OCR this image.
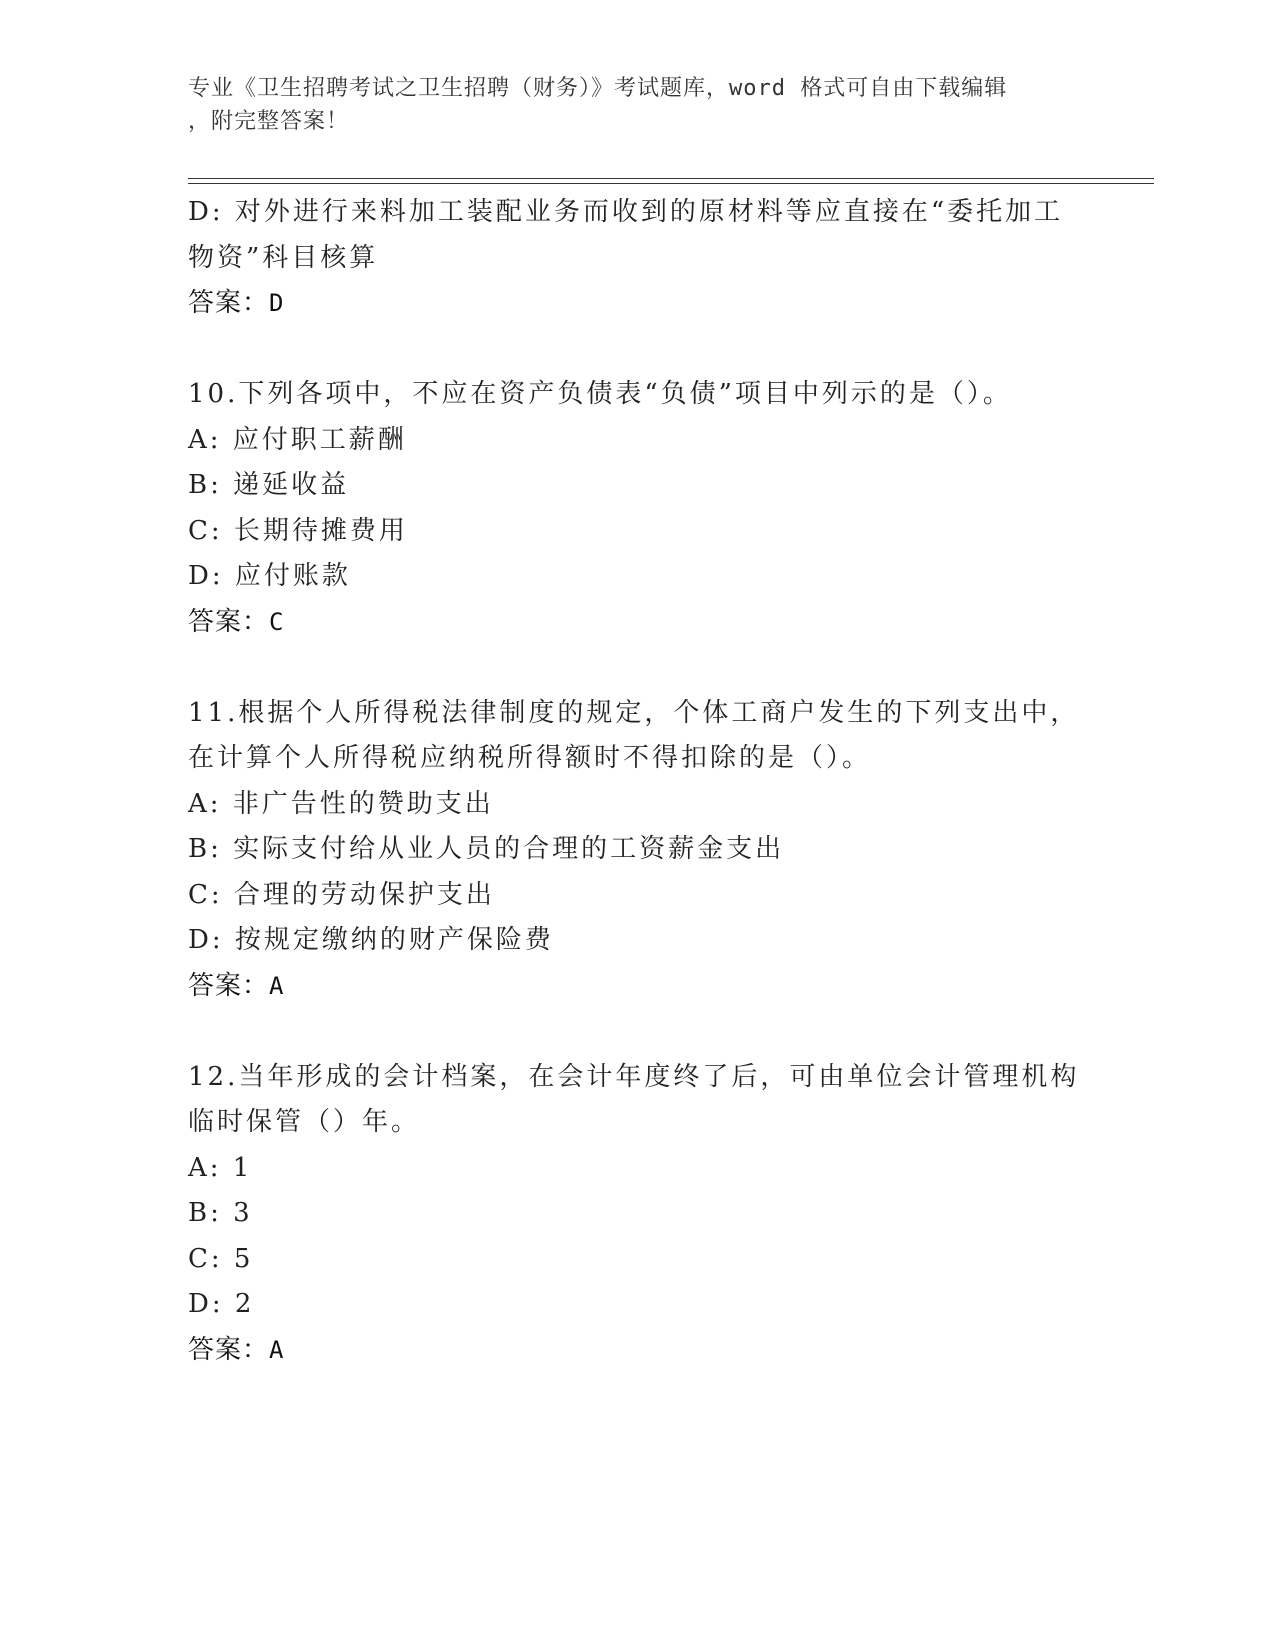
专业《卫生招聘考试之卫生招聘（财务）》考试题库，word 格式可自由下载编辑
，附完整答案！
D: 对外进行来料加工装配业务而收到的原材料等应直接在“委托加工
物资”科目核算
答案：D
10.下列各项中，不应在资产负债表“负债”项目中列示的是（）。
A: 应付职工薪酬
B: 递延收益
C: 长期待摊费用
D: 应付账款
答案：C
11.根据个人所得税法律制度的规定，个体工商户发生的下列支出中，
在计算个人所得税应纳税所得额时不得扣除的是（）。
A: 非广告性的赞助支出
B: 实际支付给从业人员的合理的工资薪金支出
C: 合理的劳动保护支出
D: 按规定缴纳的财产保险费
答案：A
12.当年形成的会计档案，在会计年度终了后，可由单位会计管理机构
临时保管（）年。
A: 1
B: 3
C: 5
D: 2
答案：A
